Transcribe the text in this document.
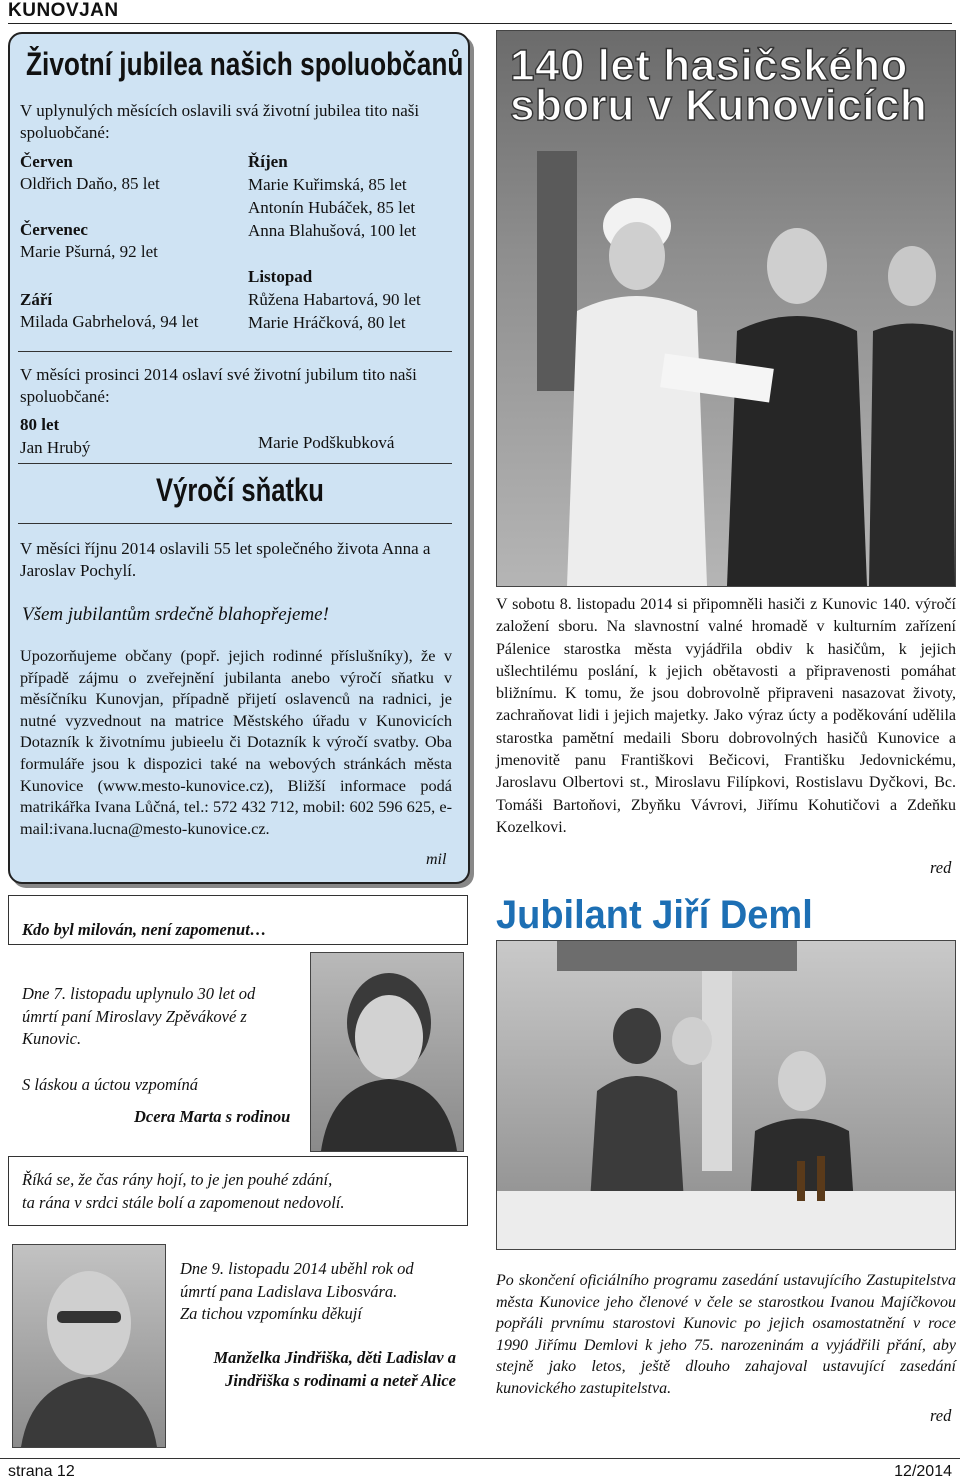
KUNOVJAN
Životní jubilea našich spoluobčanů
V uplynulých měsících oslavili svá životní jubilea tito naši spoluobčané:
Červen
Oldřich Daňo, 85 let
Červenec
Marie Pšurná, 92 let
Září
Milada Gabrhelová, 94 let
Říjen
Marie Kuřimská, 85 let
Antonín Hubáček, 85 let
Anna Blahušová, 100 let
Listopad
Růžena Habartová, 90 let
Marie Hráčková, 80 let
V měsíci prosinci 2014 oslaví své životní jubilum tito naši spoluobčané:
80 let
Jan Hrubý	Marie Podškubková
Výročí sňatku
V měsíci říjnu 2014 oslavili 55 let společného života Anna a Jaroslav Pochylí.
Všem jubilantům srdečně blahopřejeme!
Upozorňujeme občany (popř. jejich rodinné příslušníky), že v případě zájmu o zveřejnění jubilanta anebo výročí sňatku v měsíčníku Kunovjan, případně přijetí oslavenců na radnici, je nutné vyzvednout na matrice Městského úřadu v Kunovicích Dotazník k životnímu jubieelu či Dotazník k výročí svatby. Oba formuláře jsou k dispozici také na webových stránkách města Kunovice (www.mesto-kunovice.cz), Bližší informace podá matrikářka Ivana Lůčná, tel.: 572 432 712, mobil: 602 596 625, e-mail:ivana.lucna@mesto-kunovice.cz.
mil
Kdo byl milován, není zapomenut…
Dne 7. listopadu uplynulo 30 let od úmrtí paní Miroslavy Zpěvákové z Kunovic.
S láskou a úctou vzpomíná
Dcera Marta s rodinou
Říká se, že čas rány hojí, to je jen pouhé zdání,
ta rána v srdci stále bolí a zapomenout nedovolí.
Dne 9. listopadu 2014 uběhl rok od úmrtí pana Ladislava Libosvára.
Za tichou vzpomínku děkují
Manželka Jindřiška, děti Ladislav a Jindřiška s rodinami a neteř Alice
140 let hasičského sboru v Kunovicích
V sobotu 8. listopadu 2014 si připomněli hasiči z Kunovic 140. výročí založení sboru. Na slavnostní valné hromadě v kulturním zařízení Pálenice starostka města vyjádřila obdiv k hasičům, k jejich ušlechtilému poslání, k jejich obětavosti a připravenosti pomáhat bližnímu. K tomu, že jsou dobrovolně připraveni nasazovat životy, zachraňovat lidi i jejich majetky. Jako výraz úcty a poděkování udělila starostka pamětní medaili Sboru dobrovolných hasičů Kunovice a jmenovitě panu Františkovi Bečicovi, Františku Jedovnickému, Jaroslavu Olbertovi st., Miroslavu Filípkovi, Rostislavu Dyčkovi, Bc. Tomáši Bartoňovi, Zbyňku Vávrovi, Jiřímu Kohutičovi a Zdeňku Kozelkovi.
red
Jubilant Jiří Deml
Po skončení oficiálního programu zasedání ustavujícího Zastupitelstva města Kunovice jeho členové v čele se starostkou Ivanou Majíčkovou popřáli prvnímu starostovi Kunovic po jejich osamostatnění v roce 1990 Jiřímu Demlovi k jeho 75. narozeninám a vyjádřili přání, aby stejně jako letos, ještě dlouho zahajoval ustavující zasedání kunovického zastupitelstva.
red
strana 12	12/2014
